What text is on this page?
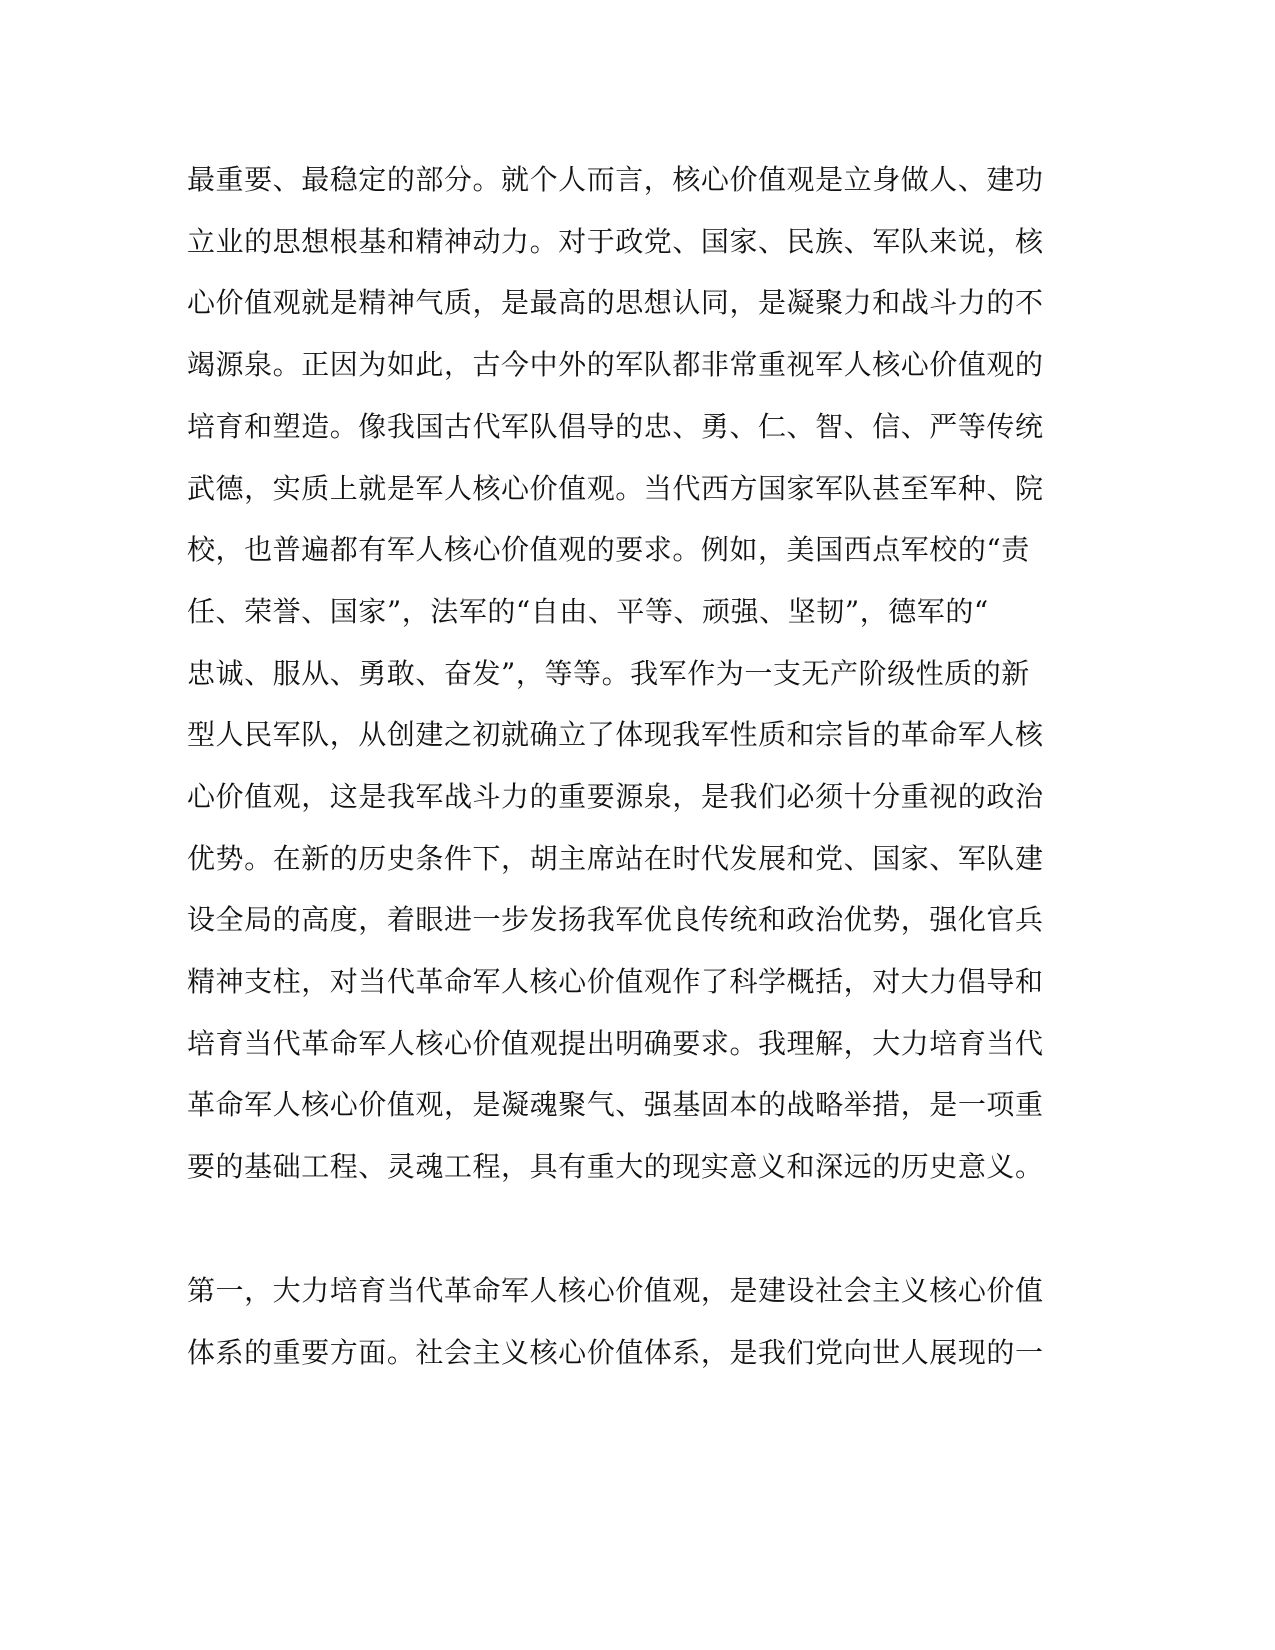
最重要、最稳定的部分。就个人而言，核心价值观是立身做人、建功
立业的思想根基和精神动力。对于政党、国家、民族、军队来说，核
心价值观就是精神气质，是最高的思想认同，是凝聚力和战斗力的不
竭源泉。正因为如此，古今中外的军队都非常重视军人核心价值观的
培育和塑造。像我国古代军队倡导的忠、勇、仁、智、信、严等传统
武德，实质上就是军人核心价值观。当代西方国家军队甚至军种、院
校，也普遍都有军人核心价值观的要求。例如，美国西点军校的“责
任、荣誉、国家”，法军的“自由、平等、顽强、坚韧”，德军的“
忠诚、服从、勇敢、奋发”，等等。我军作为一支无产阶级性质的新
型人民军队，从创建之初就确立了体现我军性质和宗旨的革命军人核
心价值观，这是我军战斗力的重要源泉，是我们必须十分重视的政治
优势。在新的历史条件下，胡主席站在时代发展和党、国家、军队建
设全局的高度，着眼进一步发扬我军优良传统和政治优势，强化官兵
精神支柱，对当代革命军人核心价值观作了科学概括，对大力倡导和
培育当代革命军人核心价值观提出明确要求。我理解，大力培育当代
革命军人核心价值观，是凝魂聚气、强基固本的战略举措，是一项重
要的基础工程、灵魂工程，具有重大的现实意义和深远的历史意义。
第一，大力培育当代革命军人核心价值观，是建设社会主义核心价值
体系的重要方面。社会主义核心价值体系，是我们党向世人展现的一
